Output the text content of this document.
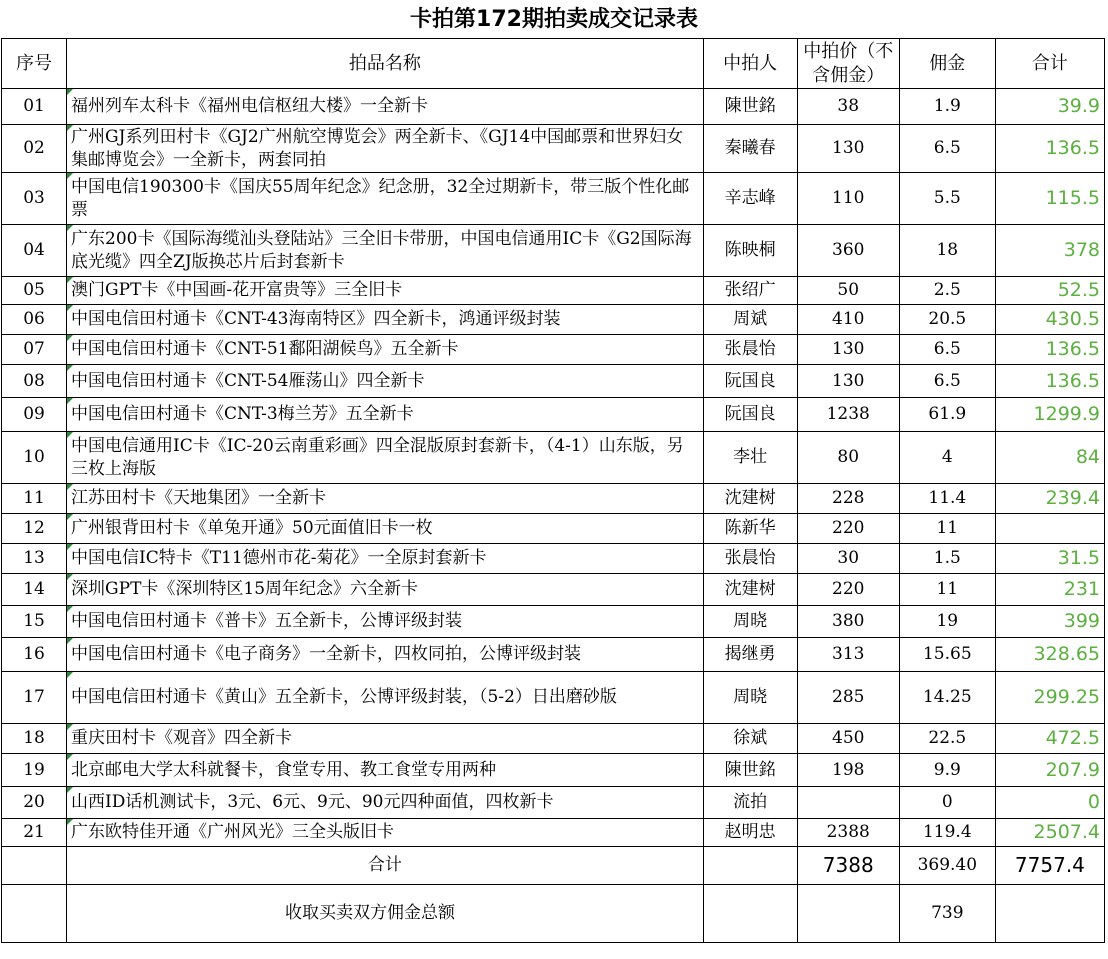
卡拍第172期拍卖成交记录表
序号	拍品名称	中拍人	中拍价（不含佣金）	佣金	合计
01	福州列车太科卡《福州电信枢纽大楼》一全新卡	陳世銘	38	1.9	39.9
02	广州GJ系列田村卡《GJ2广州航空博览会》两全新卡、《GJ14中国邮票和世界妇女集邮博览会》一全新卡，两套同拍	秦曦春	130	6.5	136.5
03	中国电信190300卡《国庆55周年纪念》纪念册，32全过期新卡，带三版个性化邮票	辛志峰	110	5.5	115.5
04	广东200卡《国际海缆汕头登陆站》三全旧卡带册，中国电信通用IC卡《G2国际海底光缆》四全ZJ版换芯片后封套新卡	陈映桐	360	18	378
05	澳门GPT卡《中国画-花开富贵等》三全旧卡	张绍广	50	2.5	52.5
06	中国电信田村通卡《CNT-43海南特区》四全新卡，鸿通评级封装	周斌	410	20.5	430.5
07	中国电信田村通卡《CNT-51鄱阳湖候鸟》五全新卡	张晨怡	130	6.5	136.5
08	中国电信田村通卡《CNT-54雁荡山》四全新卡	阮国良	130	6.5	136.5
09	中国电信田村通卡《CNT-3梅兰芳》五全新卡	阮国良	1238	61.9	1299.9
10	中国电信通用IC卡《IC-20云南重彩画》四全混版原封套新卡，（4-1）山东版，另三枚上海版	李壮	80	4	84
11	江苏田村卡《天地集团》一全新卡	沈建树	228	11.4	239.4
12	广州银背田村卡《单兔开通》50元面值旧卡一枚	陈新华	220	11	
13	中国电信IC特卡《T11德州市花-菊花》一全原封套新卡	张晨怡	30	1.5	31.5
14	深圳GPT卡《深圳特区15周年纪念》六全新卡	沈建树	220	11	231
15	中国电信田村通卡《普卡》五全新卡，公博评级封装	周晓	380	19	399
16	中国电信田村通卡《电子商务》一全新卡，四枚同拍，公博评级封装	揭继勇	313	15.65	328.65
17	中国电信田村通卡《黄山》五全新卡，公博评级封装，（5-2）日出磨砂版	周晓	285	14.25	299.25
18	重庆田村卡《观音》四全新卡	徐斌	450	22.5	472.5
19	北京邮电大学太科就餐卡，食堂专用、教工食堂专用两种	陳世銘	198	9.9	207.9
20	山西ID话机测试卡，3元、6元、9元、90元四种面值，四枚新卡	流拍		0	0
21	广东欧特佳开通《广州风光》三全头版旧卡	赵明忠	2388	119.4	2507.4
	合计		7388	369.40	7757.4
	收取买卖双方佣金总额			739	
